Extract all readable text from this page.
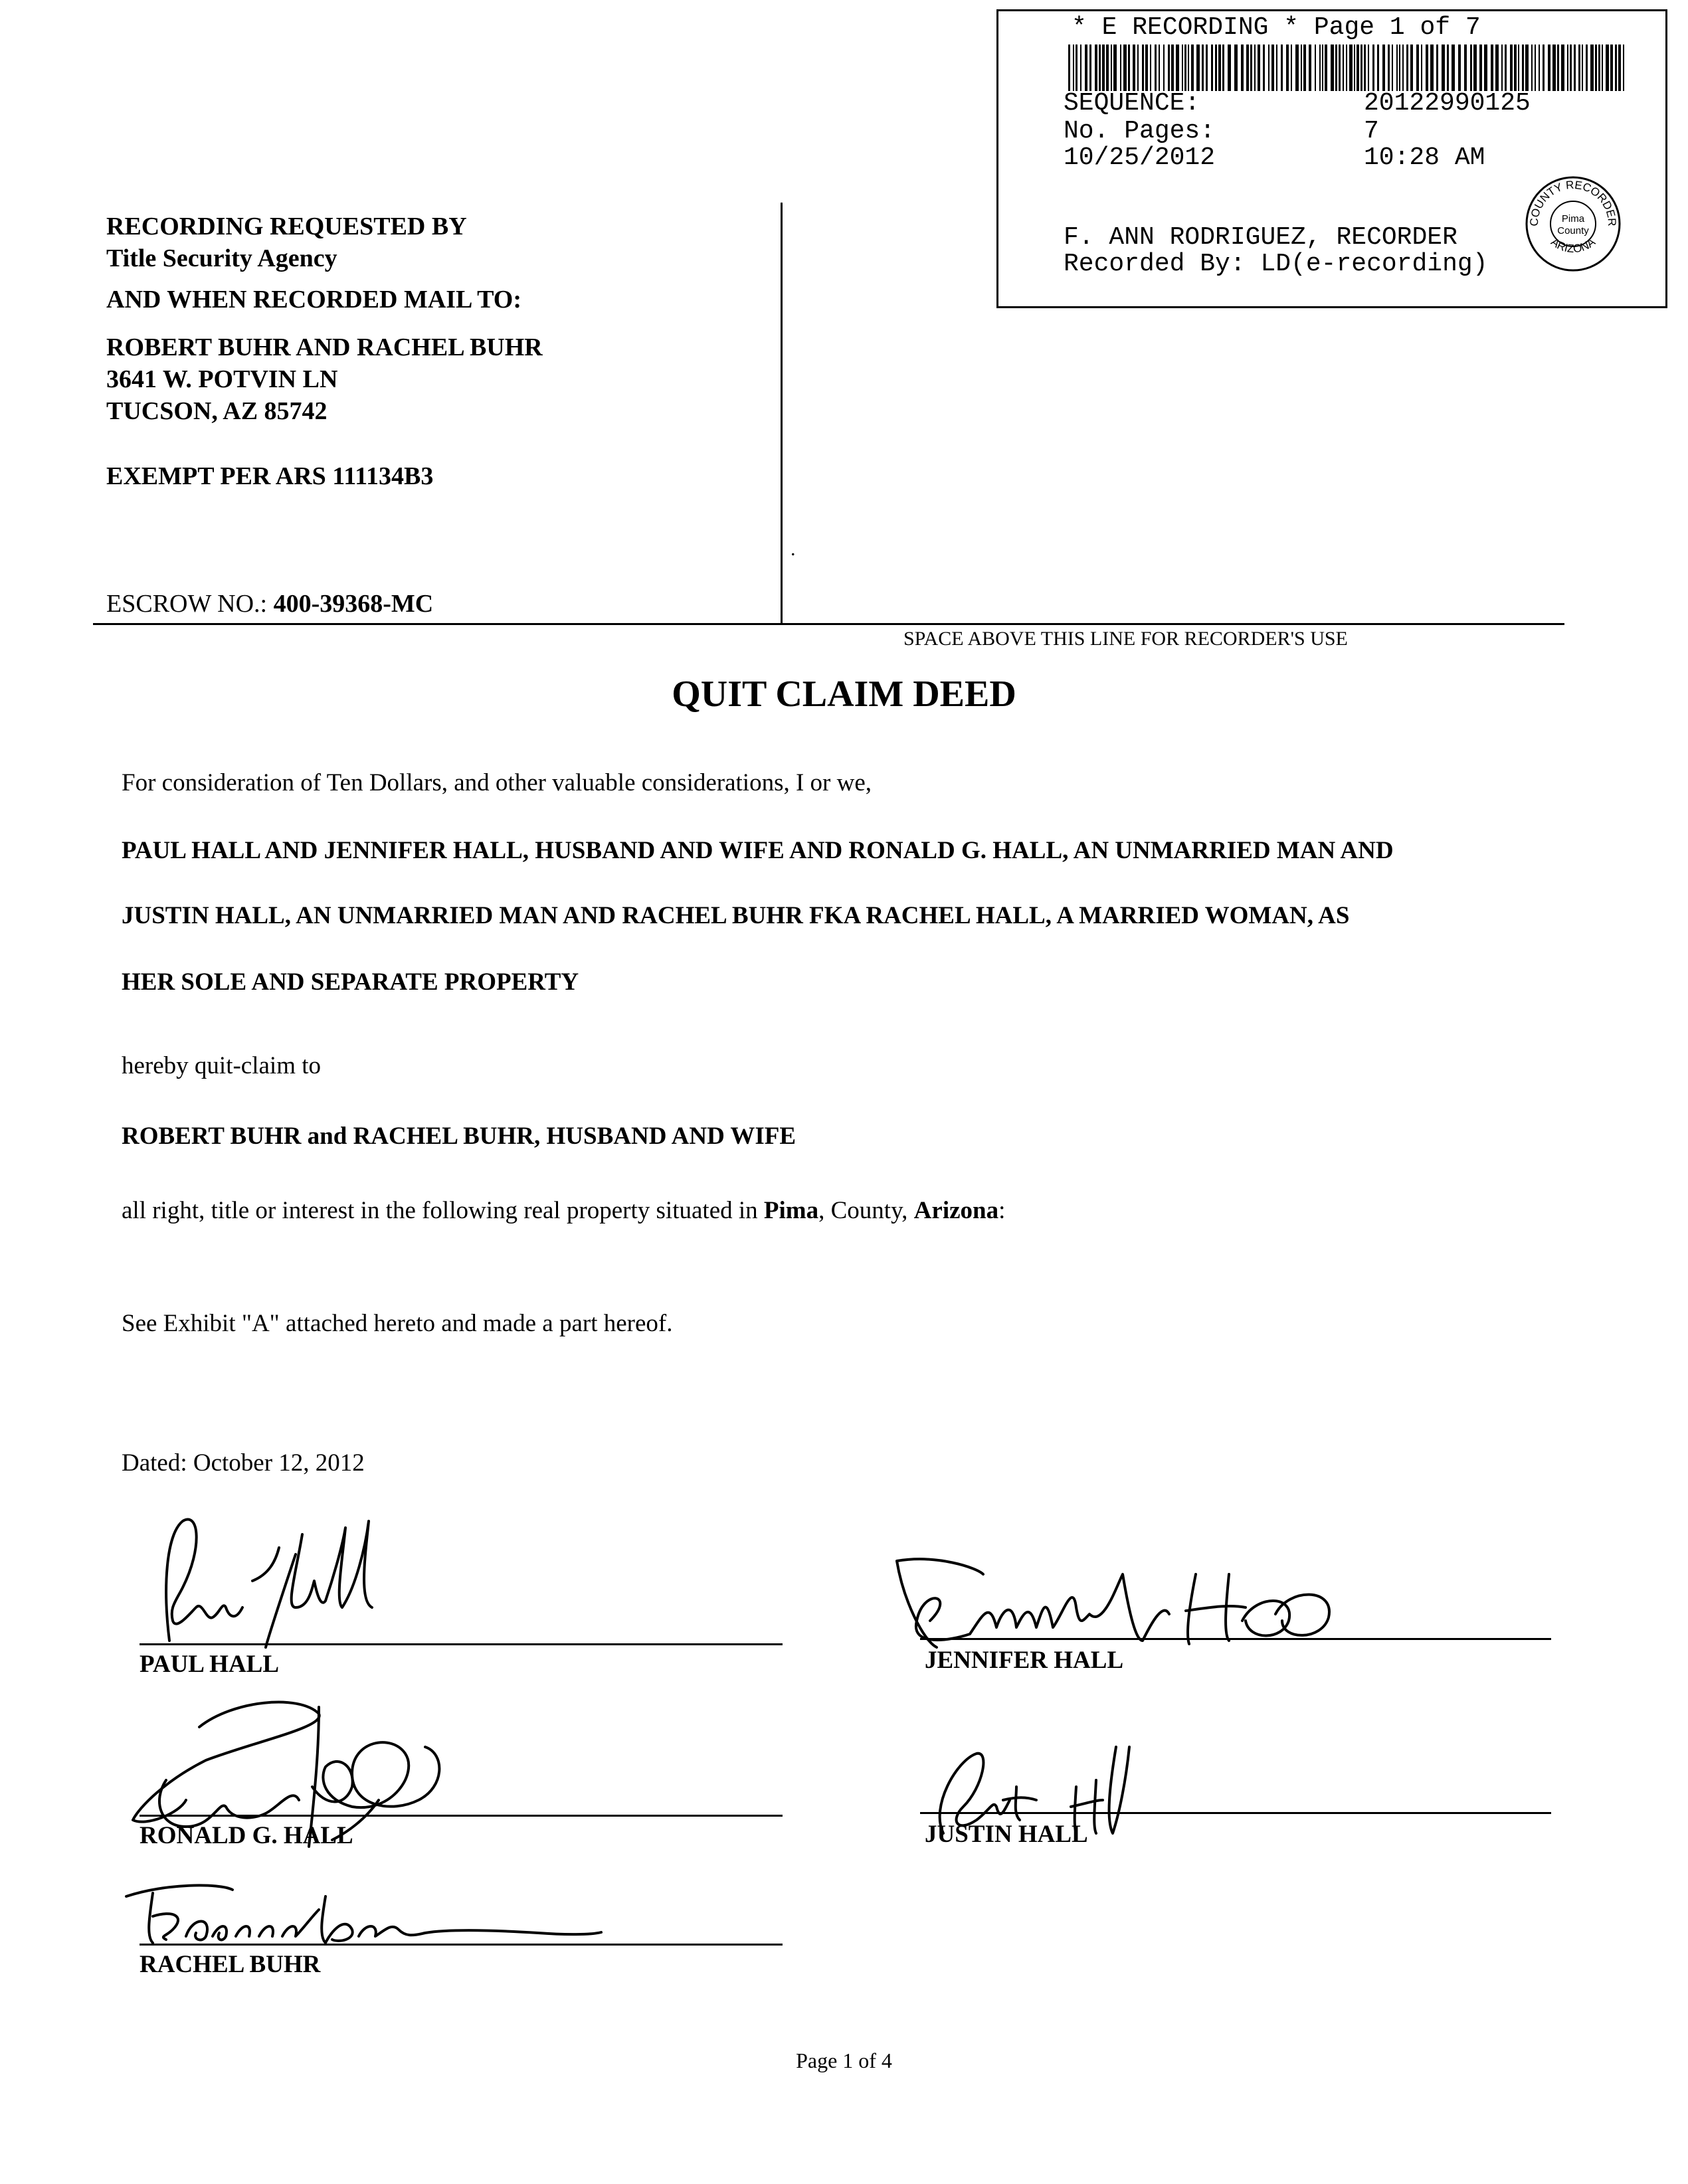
* E RECORDING * Page 1 of 7
SEQUENCE:	20122990125
No. Pages:	7
10/25/2012	10:28 AM
F. ANN RODRIGUEZ, RECORDER
Recorded By: LD(e-recording)
COUNTY RECORDER
ARIZONA
Pima
County
RECORDING REQUESTED BY
Title Security Agency
AND WHEN RECORDED MAIL TO:
ROBERT BUHR AND RACHEL BUHR
3641 W. POTVIN LN
TUCSON, AZ 85742
EXEMPT PER ARS 111134B3
ESCROW NO.: 400-39368-MC
.
SPACE ABOVE THIS LINE FOR RECORDER'S USE
QUIT CLAIM DEED
For consideration of Ten Dollars, and other valuable considerations, I or we,
PAUL HALL AND JENNIFER HALL, HUSBAND AND WIFE AND RONALD G. HALL, AN UNMARRIED MAN AND
JUSTIN HALL, AN UNMARRIED MAN AND RACHEL BUHR FKA RACHEL HALL, A MARRIED WOMAN, AS
HER SOLE AND SEPARATE PROPERTY
hereby quit-claim to
ROBERT BUHR and RACHEL BUHR, HUSBAND AND WIFE
all right, title or interest in the following real property situated in Pima, County, Arizona:
See Exhibit "A" attached hereto and made a part hereof.
Dated: October 12, 2012
PAUL HALL	JENNIFER HALL
RONALD G. HALL	JUSTIN HALL
RACHEL BUHR
Page 1 of 4
